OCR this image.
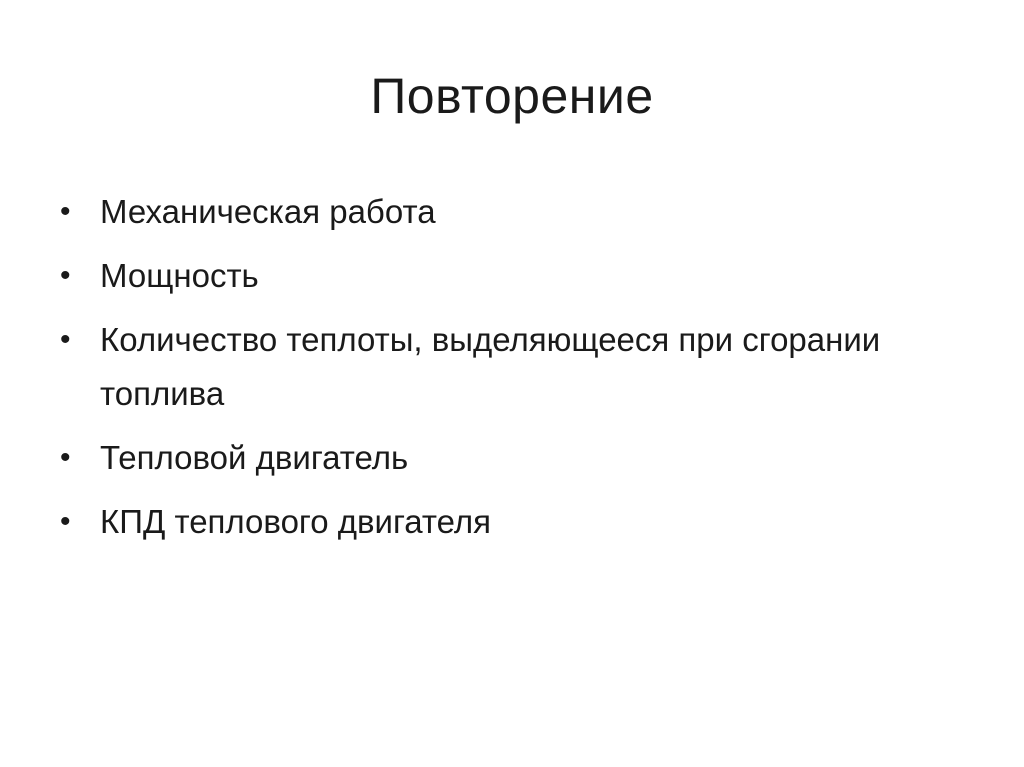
Повторение
• Механическая работа
• Мощность
• Количество теплоты, выделяющееся при сгорании топлива
• Тепловой двигатель
• КПД теплового двигателя
